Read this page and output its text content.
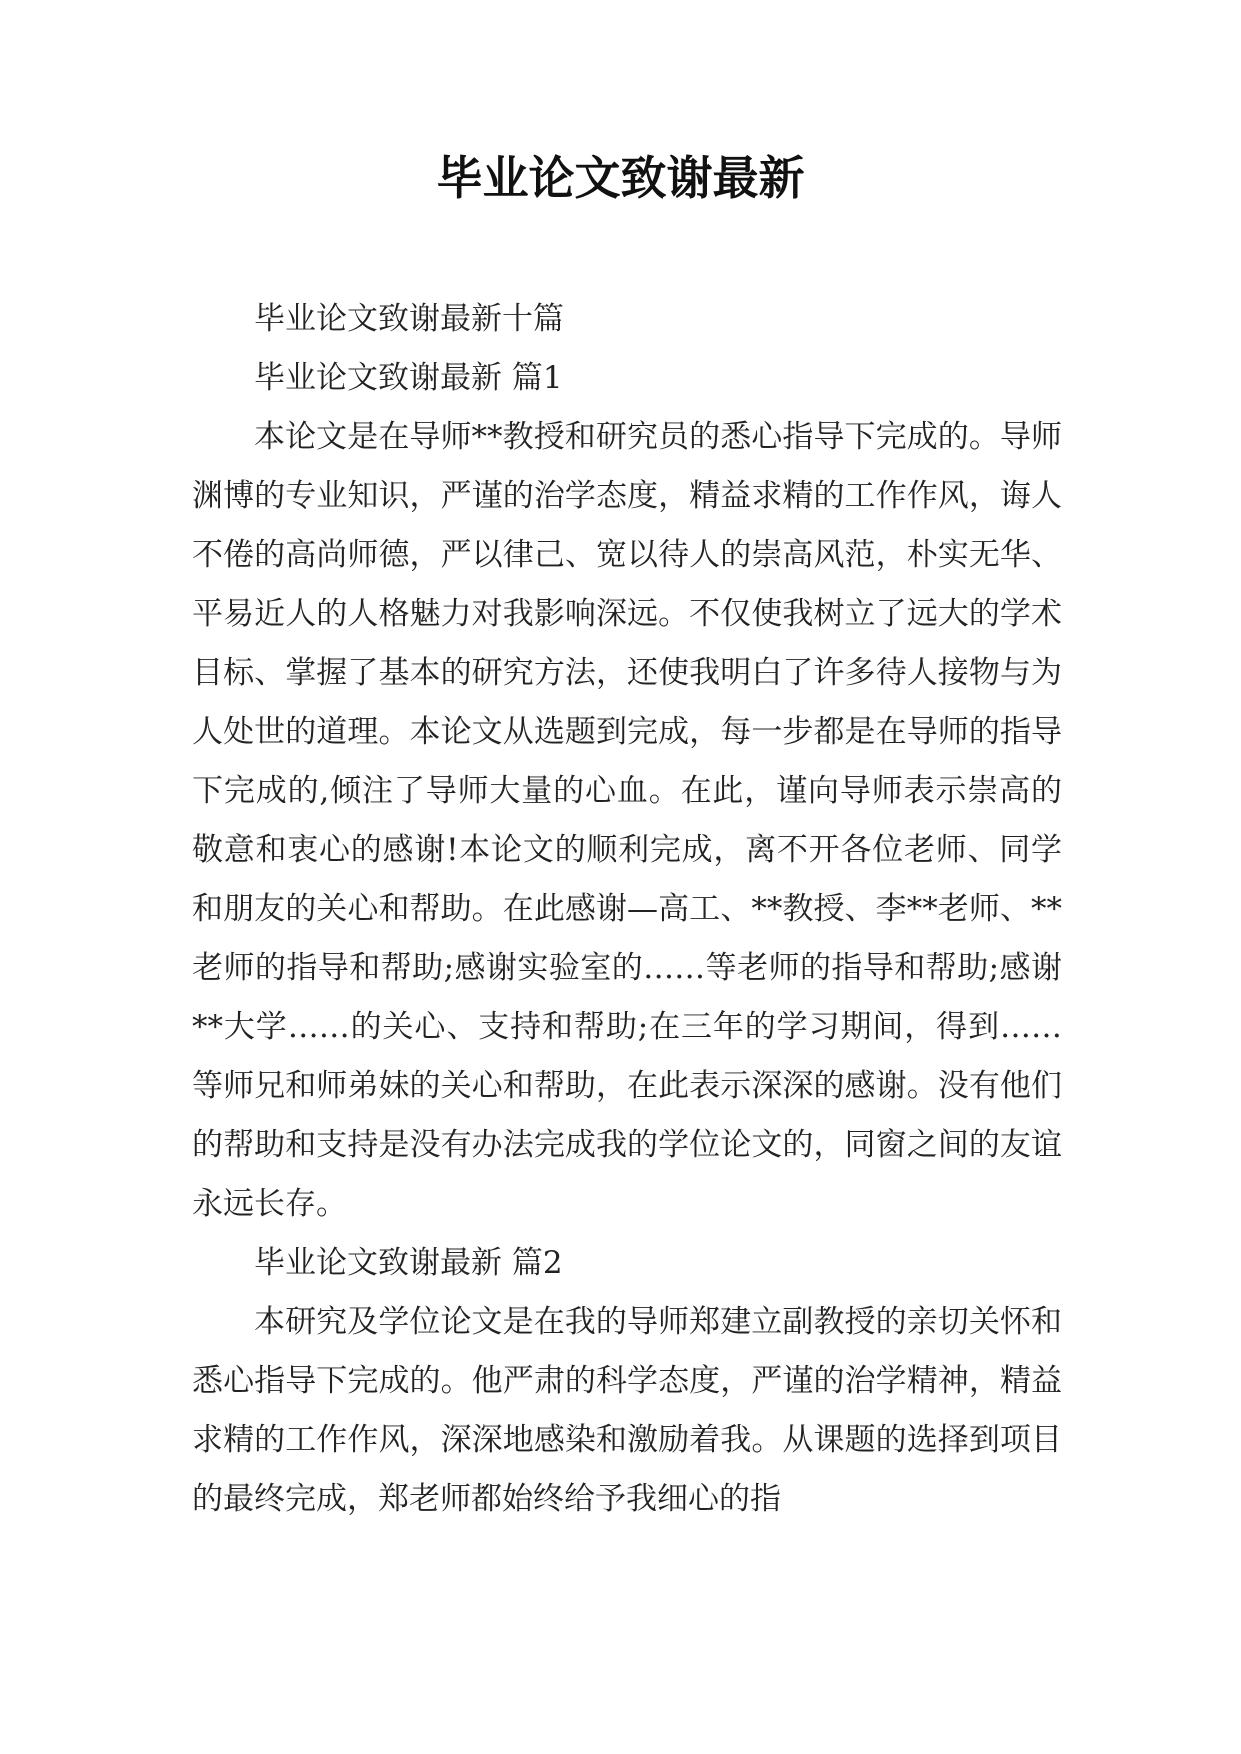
毕业论文致谢最新

毕业论文致谢最新十篇

毕业论文致谢最新 篇1

本论文是在导师**教授和研究员的悉心指导下完成的。导师渊博的专业知识，严谨的治学态度，精益求精的工作作风，诲人不倦的高尚师德，严以律己、宽以待人的崇高风范，朴实无华、平易近人的人格魅力对我影响深远。不仅使我树立了远大的学术目标、掌握了基本的研究方法，还使我明白了许多待人接物与为人处世的道理。本论文从选题到完成，每一步都是在导师的指导下完成的,倾注了导师大量的心血。在此，谨向导师表示崇高的敬意和衷心的感谢!本论文的顺利完成，离不开各位老师、同学和朋友的关心和帮助。在此感谢—高工、**教授、李**老师、**老师的指导和帮助;感谢实验室的……等老师的指导和帮助;感谢**大学……的关心、支持和帮助;在三年的学习期间，得到……等师兄和师弟妹的关心和帮助，在此表示深深的感谢。没有他们的帮助和支持是没有办法完成我的学位论文的，同窗之间的友谊永远长存。

毕业论文致谢最新 篇2

本研究及学位论文是在我的导师郑建立副教授的亲切关怀和悉心指导下完成的。他严肃的科学态度，严谨的治学精神，精益求精的工作作风，深深地感染和激励着我。从课题的选择到项目的最终完成，郑老师都始终给予我细心的指
